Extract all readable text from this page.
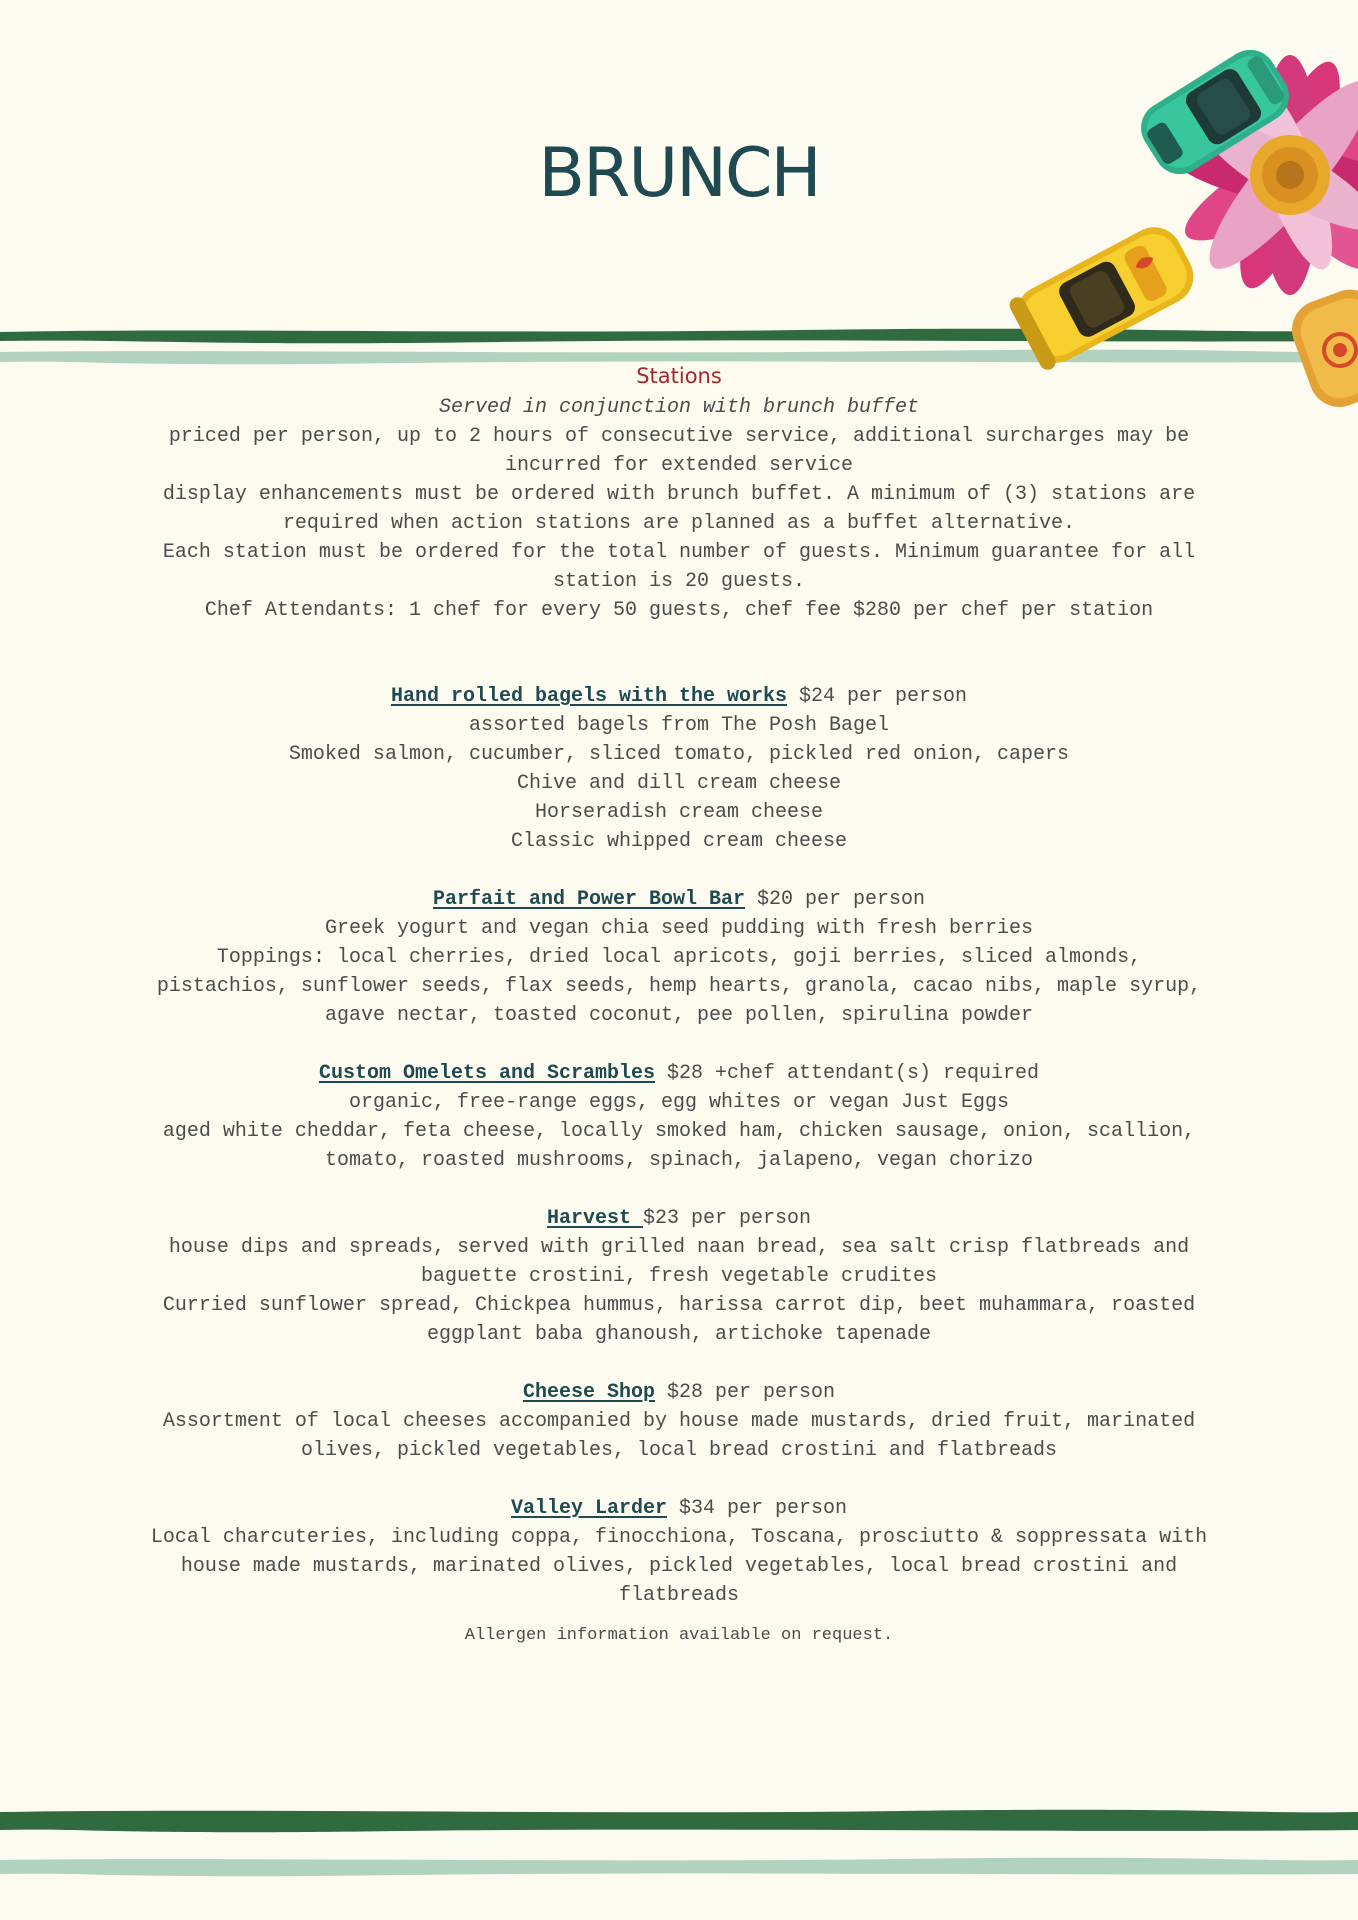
BRUNCH
Stations

Served in conjunction with brunch buffet

priced per person, up to 2 hours of consecutive service, additional surcharges may be incurred for extended service

display enhancements must be ordered with brunch buffet. A minimum of (3) stations are required when action stations are planned as a buffet alternative.

Each station must be ordered for the total number of guests. Minimum guarantee for all station is 20 guests.

Chef Attendants: 1 chef for every 50 guests, chef fee $280 per chef per station

Hand rolled bagels with the works $24 per person

assorted bagels from The Posh Bagel

Smoked salmon, cucumber, sliced tomato, pickled red onion, capers

Chive and dill cream cheese

Horseradish cream cheese

Classic whipped cream cheese

Parfait and Power Bowl Bar $20 per person

Greek yogurt and vegan chia seed pudding with fresh berries

Toppings: local cherries, dried local apricots, goji berries, sliced almonds, pistachios, sunflower seeds, flax seeds, hemp hearts, granola, cacao nibs, maple syrup, agave nectar, toasted coconut, pee pollen, spirulina powder

Custom Omelets and Scrambles $28 +chef attendant(s) required

organic, free-range eggs, egg whites or vegan Just Eggs

aged white cheddar, feta cheese, locally smoked ham, chicken sausage, onion, scallion, tomato, roasted mushrooms, spinach, jalapeno, vegan chorizo

Harvest $23 per person

house dips and spreads, served with grilled naan bread, sea salt crisp flatbreads and baguette crostini, fresh vegetable crudites

Curried sunflower spread, Chickpea hummus, harissa carrot dip, beet muhammara, roasted eggplant baba ghanoush, artichoke tapenade

Cheese Shop $28 per person

Assortment of local cheeses accompanied by house made mustards, dried fruit, marinated olives, pickled vegetables, local bread crostini and flatbreads

Valley Larder $34 per person

Local charcuteries, including coppa, finocchiona, Toscana, prosciutto & soppressata with house made mustards, marinated olives, pickled vegetables, local bread crostini and flatbreads

Allergen information available on request.
